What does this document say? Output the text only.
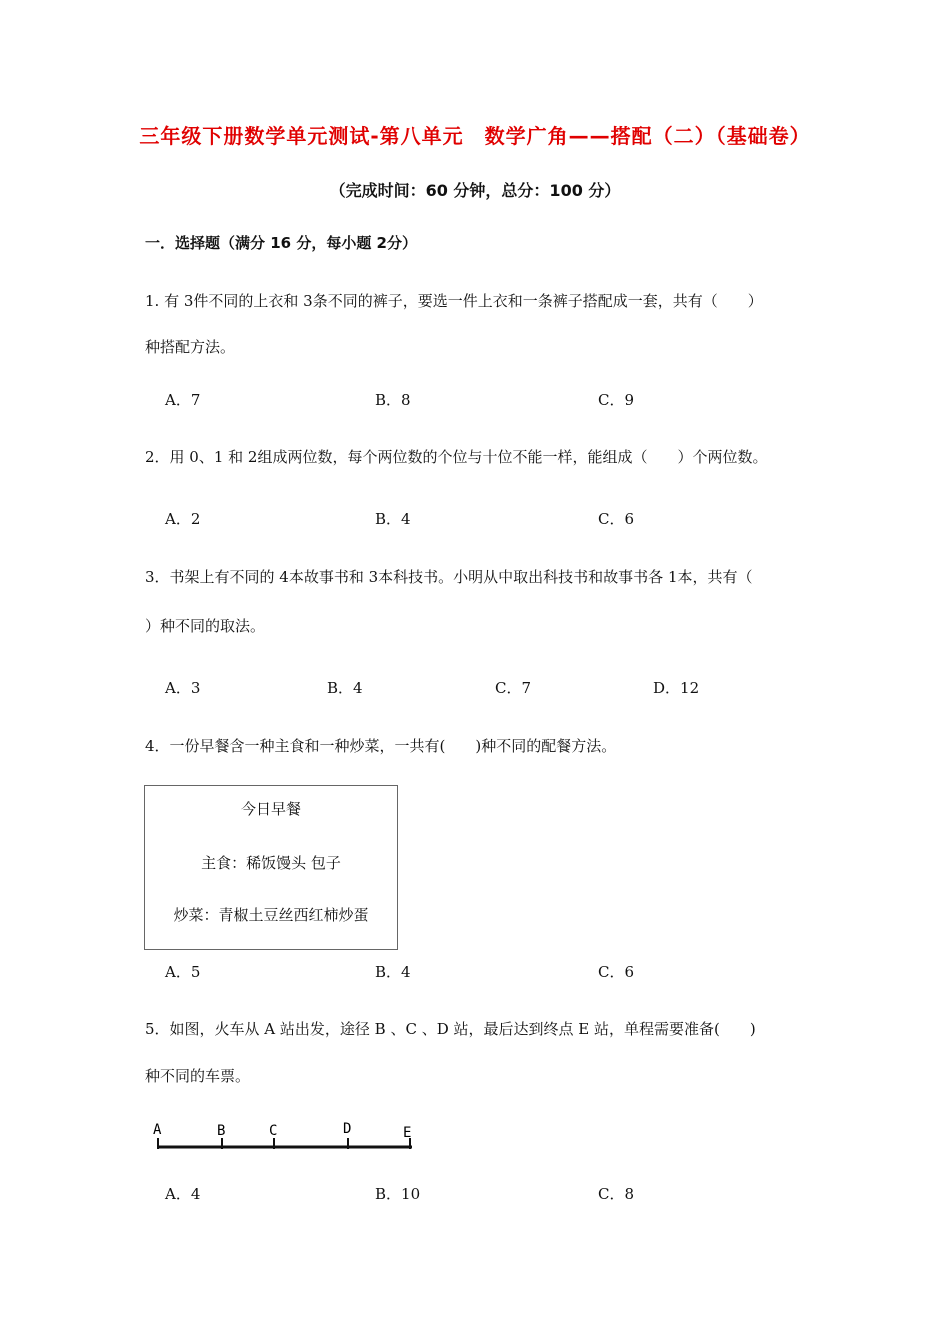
三年级下册数学单元测试-第八单元　数学广角——搭配（二）（基础卷）
（完成时间：60 分钟，总分：100 分）
一．选择题（满分 16 分，每小题 2分）
1. 有 3件不同的上衣和 3条不同的裤子，要选一件上衣和一条裤子搭配成一套，共有（　　）
种搭配方法。
A．7	B．8	C．9
2．用 0、1 和 2组成两位数，每个两位数的个位与十位不能一样，能组成（　　）个两位数。
A．2	B．4	C．6
3．书架上有不同的 4本故事书和 3本科技书。小明从中取出科技书和故事书各 1本，共有（
）种不同的取法。
A．3	B．4	C．7	D．12
4．一份早餐含一种主食和一种炒菜，一共有(　　)种不同的配餐方法。
今日早餐
主食：稀饭馒头 包子
炒菜：青椒土豆丝西红柿炒蛋
A．5	B．4	C．6
5．如图，火车从 A 站出发，途径 B 、C 、D 站，最后达到终点 E 站，单程需要准备(　　)
种不同的车票。
A	B	C	D	E
A．4	B．10	C．8
